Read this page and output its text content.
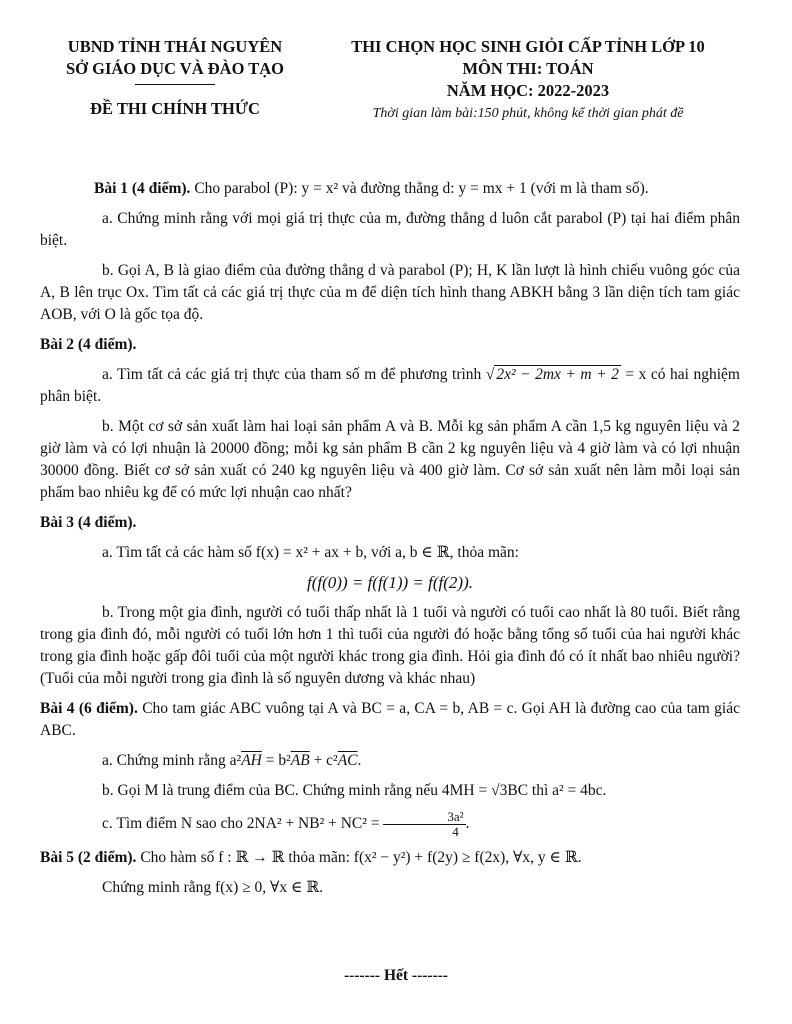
UBND TỈNH THÁI NGUYÊN
SỞ GIÁO DỤC VÀ ĐÀO TẠO
ĐỀ THI CHÍNH THỨC
THI CHỌN HỌC SINH GIỎI CẤP TỈNH LỚP 10
MÔN THI: TOÁN
NĂM HỌC: 2022-2023
Thời gian làm bài:150 phút, không kể thời gian phát đề

Bài 1 (4 điểm). Cho parabol (P): y = x² và đường thẳng d: y = mx + 1 (với m là tham số).

a. Chứng minh rằng với mọi giá trị thực của m, đường thẳng d luôn cắt parabol (P) tại hai điểm phân biệt.

b. Gọi A, B là giao điểm của đường thẳng d và parabol (P); H, K lần lượt là hình chiếu vuông góc của A, B lên trục Ox. Tìm tất cả các giá trị thực của m để diện tích hình thang ABKH bằng 3 lần diện tích tam giác AOB, với O là gốc tọa độ.

Bài 2 (4 điểm).

a. Tìm tất cả các giá trị thực của tham số m để phương trình √ 2x² − 2mx + m + 2 = x có hai nghiệm phân biệt.

b. Một cơ sở sản xuất làm hai loại sản phẩm A và B. Mỗi kg sản phẩm A cần 1,5 kg nguyên liệu và 2 giờ làm và có lợi nhuận là 20000 đồng; mỗi kg sản phẩm B cần 2 kg nguyên liệu và 4 giờ làm và có lợi nhuận 30000 đồng. Biết cơ sở sản xuất có 240 kg nguyên liệu và 400 giờ làm. Cơ sở sản xuất nên làm mỗi loại sản phẩm bao nhiêu kg để có mức lợi nhuận cao nhất?

Bài 3 (4 điểm).

a. Tìm tất cả các hàm số f(x) = x² + ax + b, với a, b ∈ ℝ, thỏa mãn:

f(f(0)) = f(f(1)) = f(f(2)).

b. Trong một gia đình, người có tuổi thấp nhất là 1 tuổi và người có tuổi cao nhất là 80 tuổi. Biết rằng trong gia đình đó, mỗi người có tuổi lớn hơn 1 thì tuổi của người đó hoặc bằng tổng số tuổi của hai người khác trong gia đình hoặc gấp đôi tuổi của một người khác trong gia đình. Hỏi gia đình đó có ít nhất bao nhiêu người? (Tuổi của mỗi người trong gia đình là số nguyên dương và khác nhau)

Bài 4 (6 điểm). Cho tam giác ABC vuông tại A và BC = a, CA = b, AB = c. Gọi AH là đường cao của tam giác ABC.

a. Chứng minh rằng $a^2\overline{AH} = b^2\overline{AB} + c^2\overline{AC}$.

b. Gọi M là trung điểm của BC. Chứng minh rằng nếu 4MH = √3BC thì a² = 4bc.

c. Tìm điểm N sao cho $2NA^2 + NB^2 + NC^2 = \frac{\text{3a²}}{4}$ .

Bài 5 (2 điểm). Cho hàm số f : ℝ → ℝ thỏa mãn: f(x² − y²) + f(2y) ≥ f(2x), ∀x, y ∈ ℝ.

Chứng minh rằng f(x) ≥ 0, ∀x ∈ ℝ.

------- Hết -------
